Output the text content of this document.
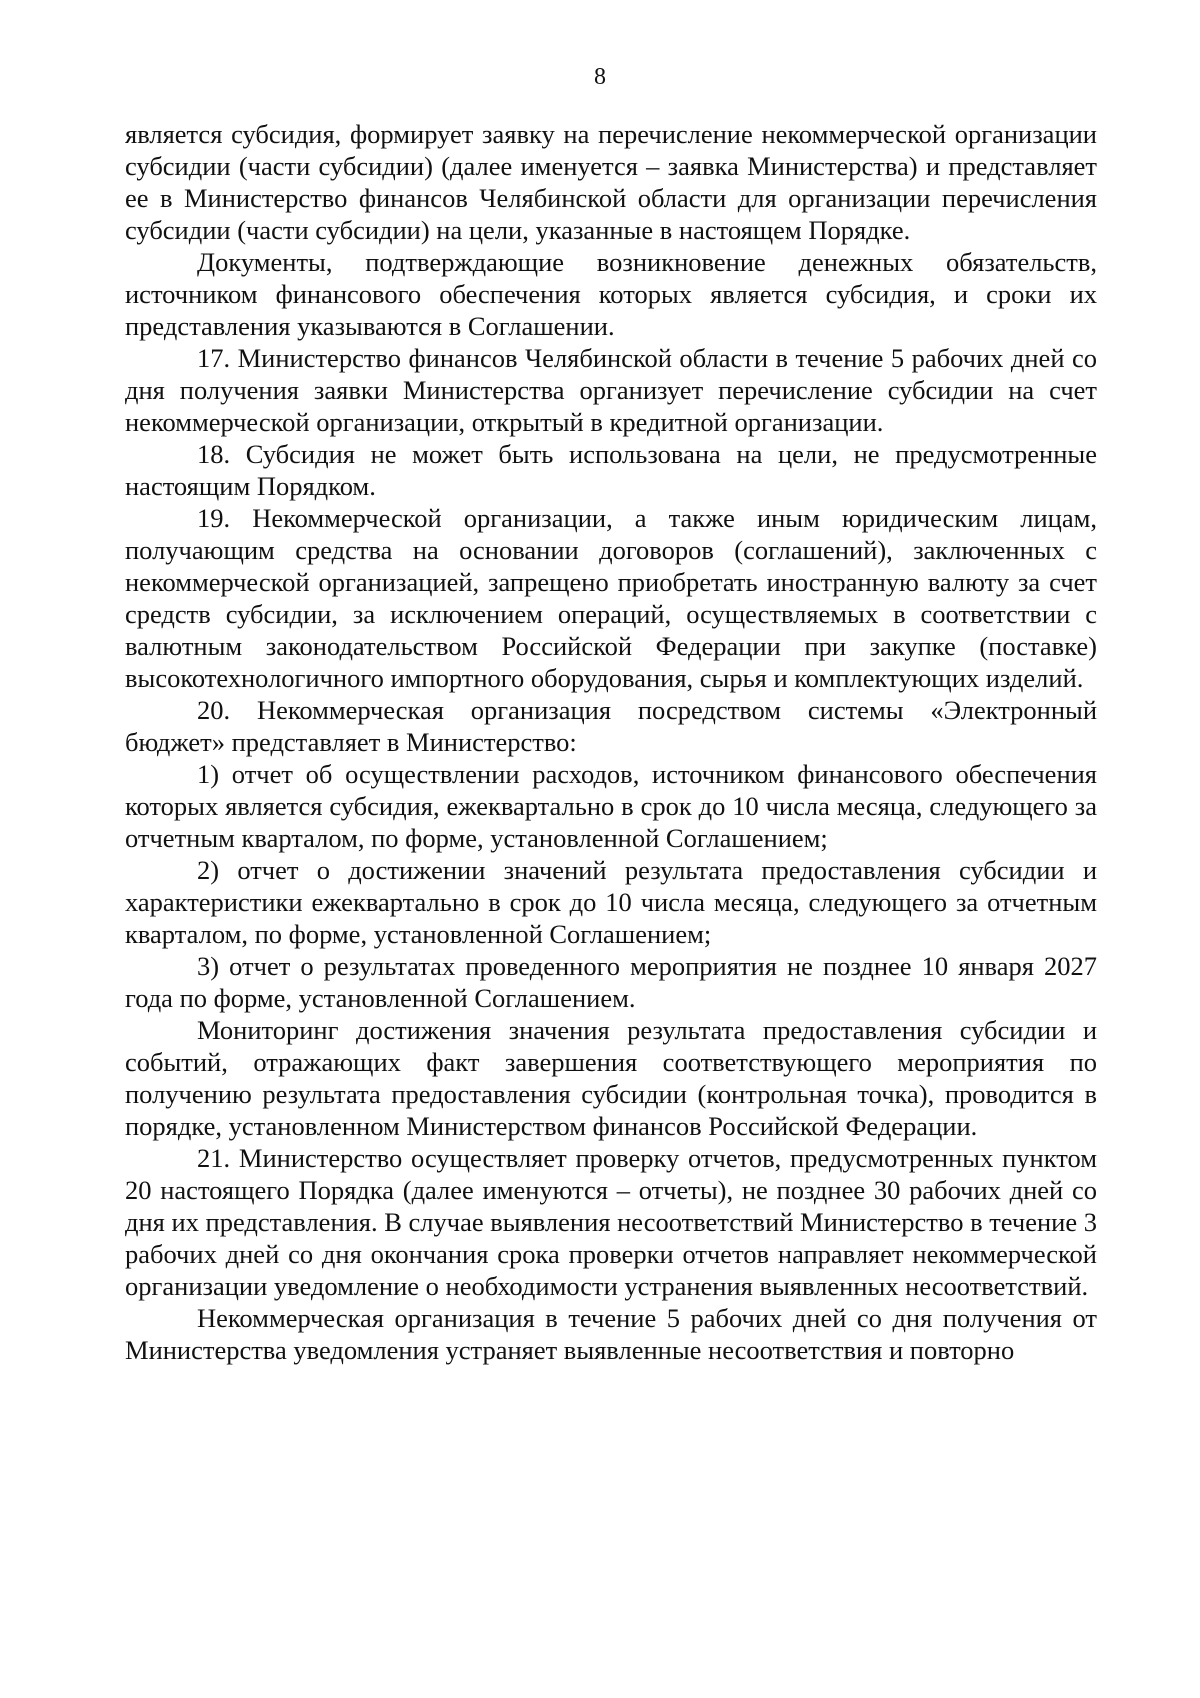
8

является субсидия, формирует заявку на перечисление некоммерческой организации субсидии (части субсидии) (далее именуется – заявка Министерства) и представляет ее в Министерство финансов Челябинской области для организации перечисления субсидии (части субсидии) на цели, указанные в настоящем Порядке.

Документы, подтверждающие возникновение денежных обязательств, источником финансового обеспечения которых является субсидия, и сроки их представления указываются в Соглашении.

17. Министерство финансов Челябинской области в течение 5 рабочих дней со дня получения заявки Министерства организует перечисление субсидии на счет некоммерческой организации, открытый в кредитной организации.

18. Субсидия не может быть использована на цели, не предусмотренные настоящим Порядком.

19. Некоммерческой организации, а также иным юридическим лицам, получающим средства на основании договоров (соглашений), заключенных с некоммерческой организацией, запрещено приобретать иностранную валюту за счет средств субсидии, за исключением операций, осуществляемых в соответствии с валютным законодательством Российской Федерации при закупке (поставке) высокотехнологичного импортного оборудования, сырья и комплектующих изделий.

20. Некоммерческая организация посредством системы «Электронный бюджет» представляет в Министерство:

1) отчет об осуществлении расходов, источником финансового обеспечения которых является субсидия, ежеквартально в срок до 10 числа месяца, следующего за отчетным кварталом, по форме, установленной Соглашением;

2) отчет о достижении значений результата предоставления субсидии и характеристики ежеквартально в срок до 10 числа месяца, следующего за отчетным кварталом, по форме, установленной Соглашением;

3) отчет о результатах проведенного мероприятия не позднее 10 января 2027 года по форме, установленной Соглашением.

Мониторинг достижения значения результата предоставления субсидии и событий, отражающих факт завершения соответствующего мероприятия по получению результата предоставления субсидии (контрольная точка), проводится в порядке, установленном Министерством финансов Российской Федерации.

21. Министерство осуществляет проверку отчетов, предусмотренных пунктом 20 настоящего Порядка (далее именуются – отчеты), не позднее 30 рабочих дней со дня их представления. В случае выявления несоответствий Министерство в течение 3 рабочих дней со дня окончания срока проверки отчетов направляет некоммерческой организации уведомление о необходимости устранения выявленных несоответствий.

Некоммерческая организация в течение 5 рабочих дней со дня получения от Министерства уведомления устраняет выявленные несоответствия и повторно
